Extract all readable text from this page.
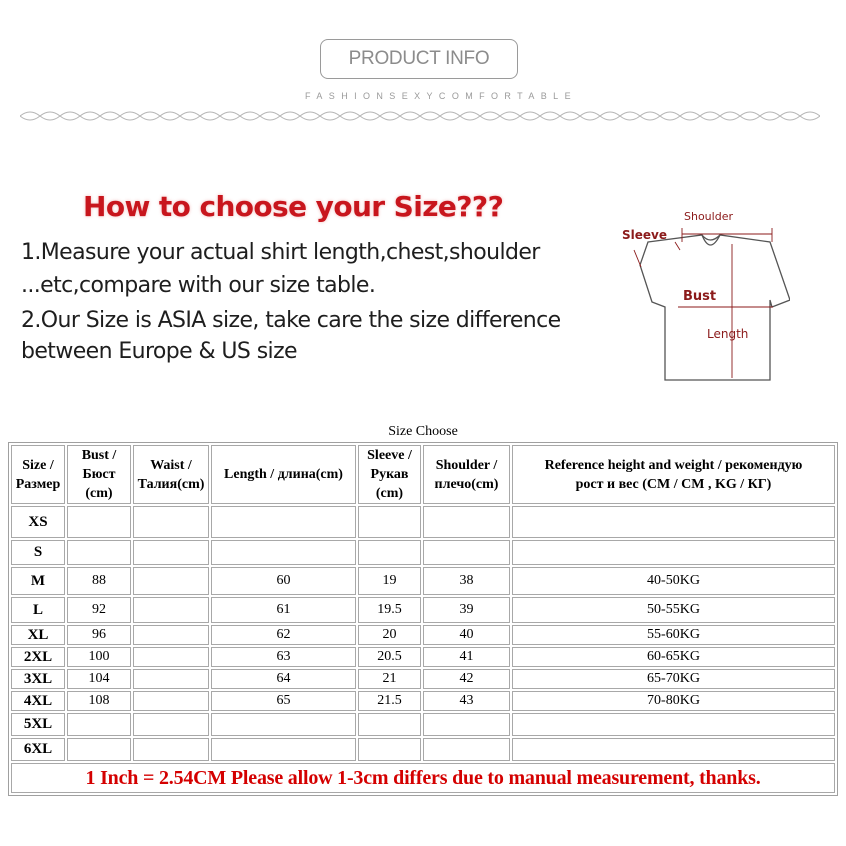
PRODUCT INFO
FASHIONSEXYCOMFORTABLE
How to choose your Size???
1.Measure your actual shirt length,chest,shoulder
...etc,compare with our size table.
2.Our Size is ASIA size, take care the size difference
between Europe & US size
Shoulder
Sleeve
Bust
Length
Size Choose
Size /
Размер	Bust /
Бюст
(cm)	Waist /
Талия(cm)	Length / длина(cm)	Sleeve /
Рукав
(cm)	Shoulder /
плечо(cm)	Reference height and weight / рекомендую
рост и вес (CM / CM , KG / КГ)
XS						
S						
M	88		60	19	38	40-50KG
L	92		61	19.5	39	50-55KG
XL	96		62	20	40	55-60KG
2XL	100		63	20.5	41	60-65KG
3XL	104		64	21	42	65-70KG
4XL	108		65	21.5	43	70-80KG
5XL						
6XL						
1 Inch = 2.54CM Please allow 1-3cm differs due to manual measurement, thanks.						
